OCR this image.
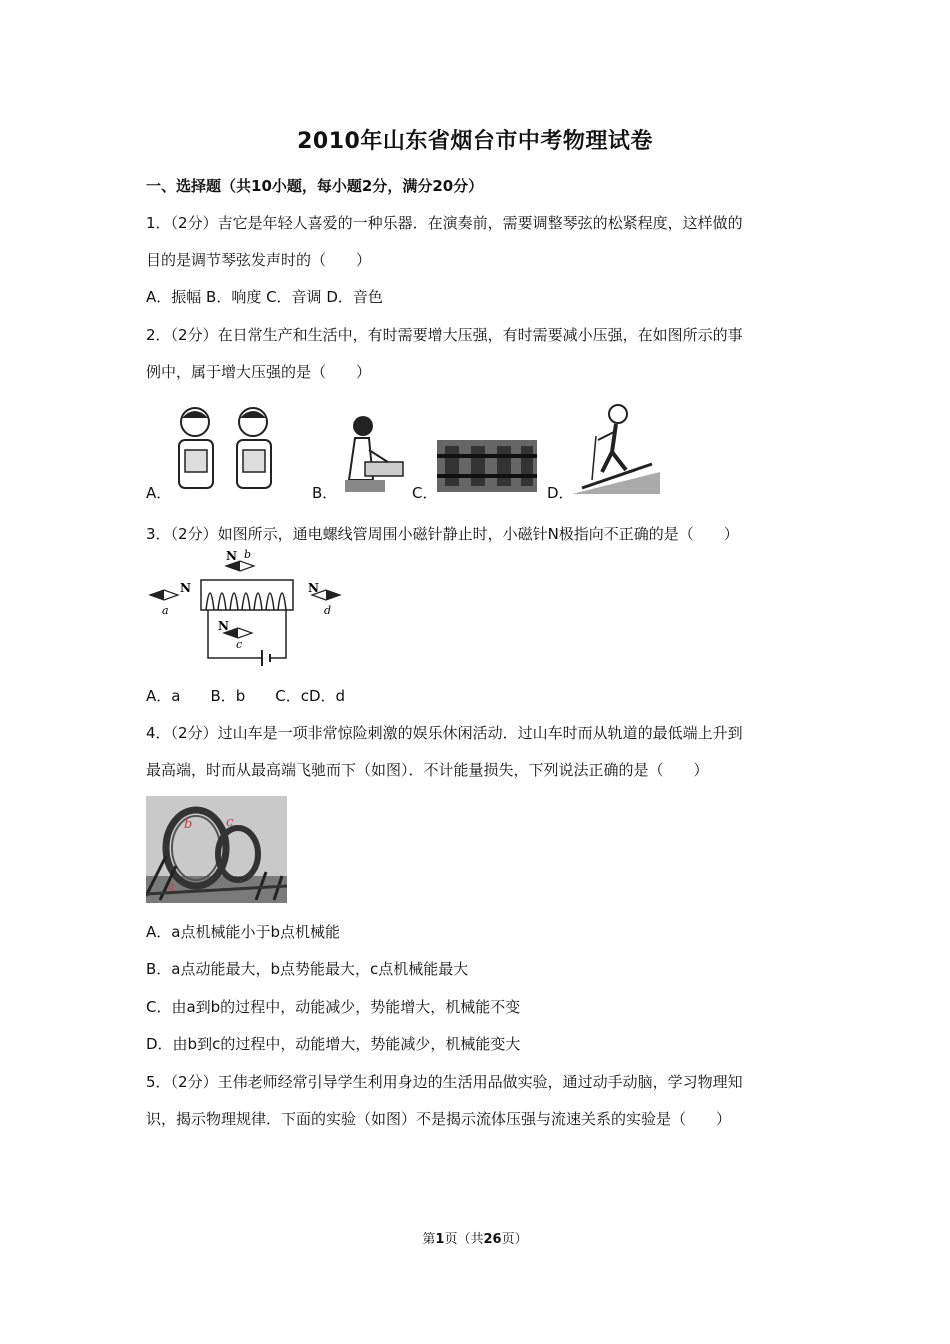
2010年山东省烟台市中考物理试卷
一、选择题（共10小题，每小题2分，满分20分）
1．（2分）吉它是年轻人喜爱的一种乐器．在演奏前，需要调整琴弦的松紧程度，这样做的
目的是调节琴弦发声时的（　　）
A．振幅 B．响度 C．音调 D．音色
2．（2分）在日常生产和生活中，有时需要增大压强，有时需要减小压强，在如图所示的事
例中，属于增大压强的是（　　）
A．	B．	C．	D．
3．（2分）如图所示，通电螺线管周围小磁针静止时，小磁针N极指向不正确的是（　　）
N
a
N b
N
c
N
d
A．a　　B．b　　C．cD．d
4．（2分）过山车是一项非常惊险刺激的娱乐休闲活动．过山车时而从轨道的最低端上升到
最高端，时而从最高端飞驰而下（如图）．不计能量损失，下列说法正确的是（　　）
b	c
a
A．a点机械能小于b点机械能
B．a点动能最大，b点势能最大，c点机械能最大
C．由a到b的过程中，动能减少，势能增大，机械能不变
D．由b到c的过程中，动能增大，势能减少，机械能变大
5．（2分）王伟老师经常引导学生利用身边的生活用品做实验，通过动手动脑，学习物理知
识，揭示物理规律．下面的实验（如图）不是揭示流体压强与流速关系的实验是（　　）
第1页（共26页）
